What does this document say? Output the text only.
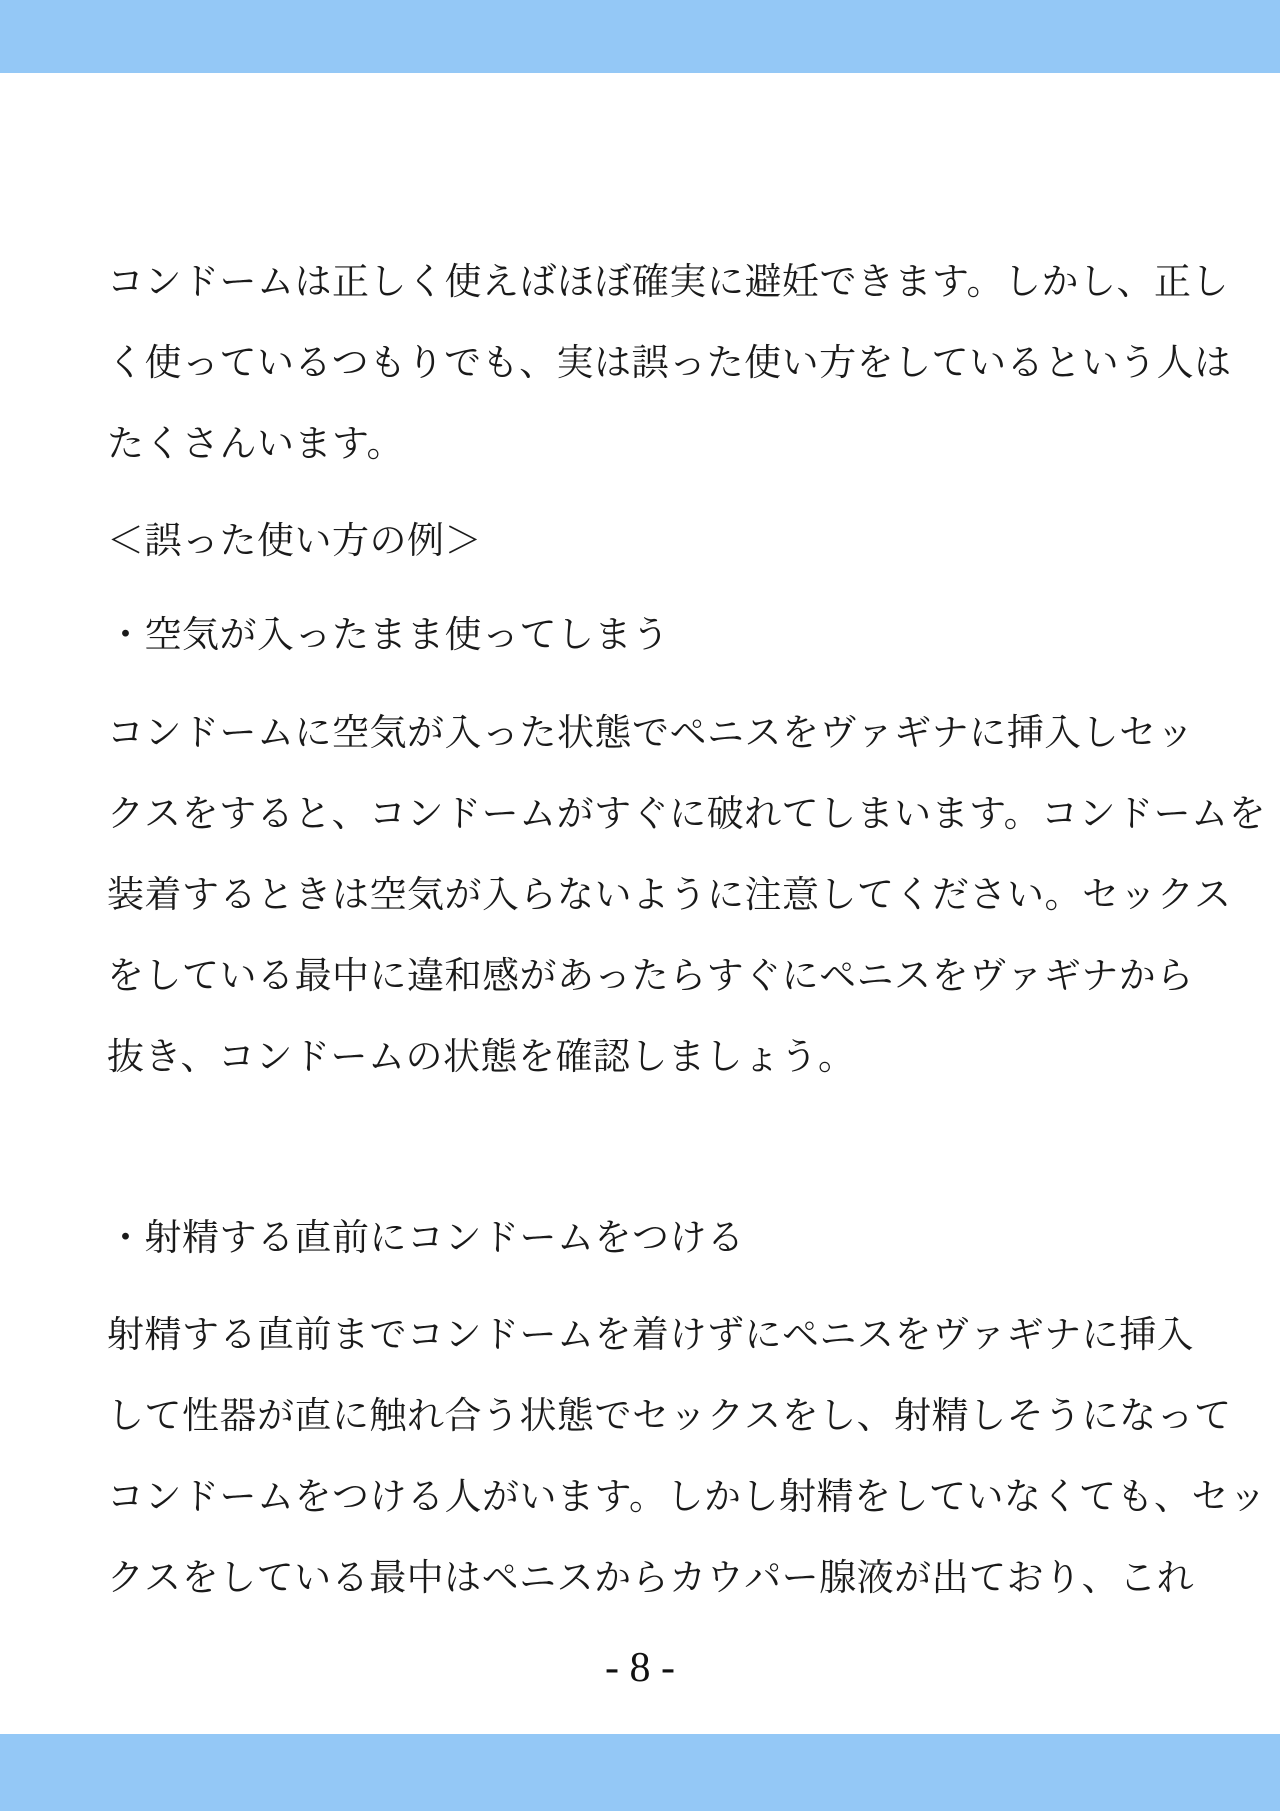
コンドームは正しく使えばほぼ確実に避妊できます。しかし、正し
く使っているつもりでも、実は誤った使い方をしているという人は
たくさんいます。
＜誤った使い方の例＞
・空気が入ったまま使ってしまう
コンドームに空気が入った状態でペニスをヴァギナに挿入しセッ
クスをすると、コンドームがすぐに破れてしまいます。コンドームを
装着するときは空気が入らないように注意してください。セックス
をしている最中に違和感があったらすぐにペニスをヴァギナから
抜き、コンドームの状態を確認しましょう。
・射精する直前にコンドームをつける
射精する直前までコンドームを着けずにペニスをヴァギナに挿入
して性器が直に触れ合う状態でセックスをし、射精しそうになって
コンドームをつける人がいます。しかし射精をしていなくても、セッ
クスをしている最中はペニスからカウパー腺液が出ており、これ
- 8 -
